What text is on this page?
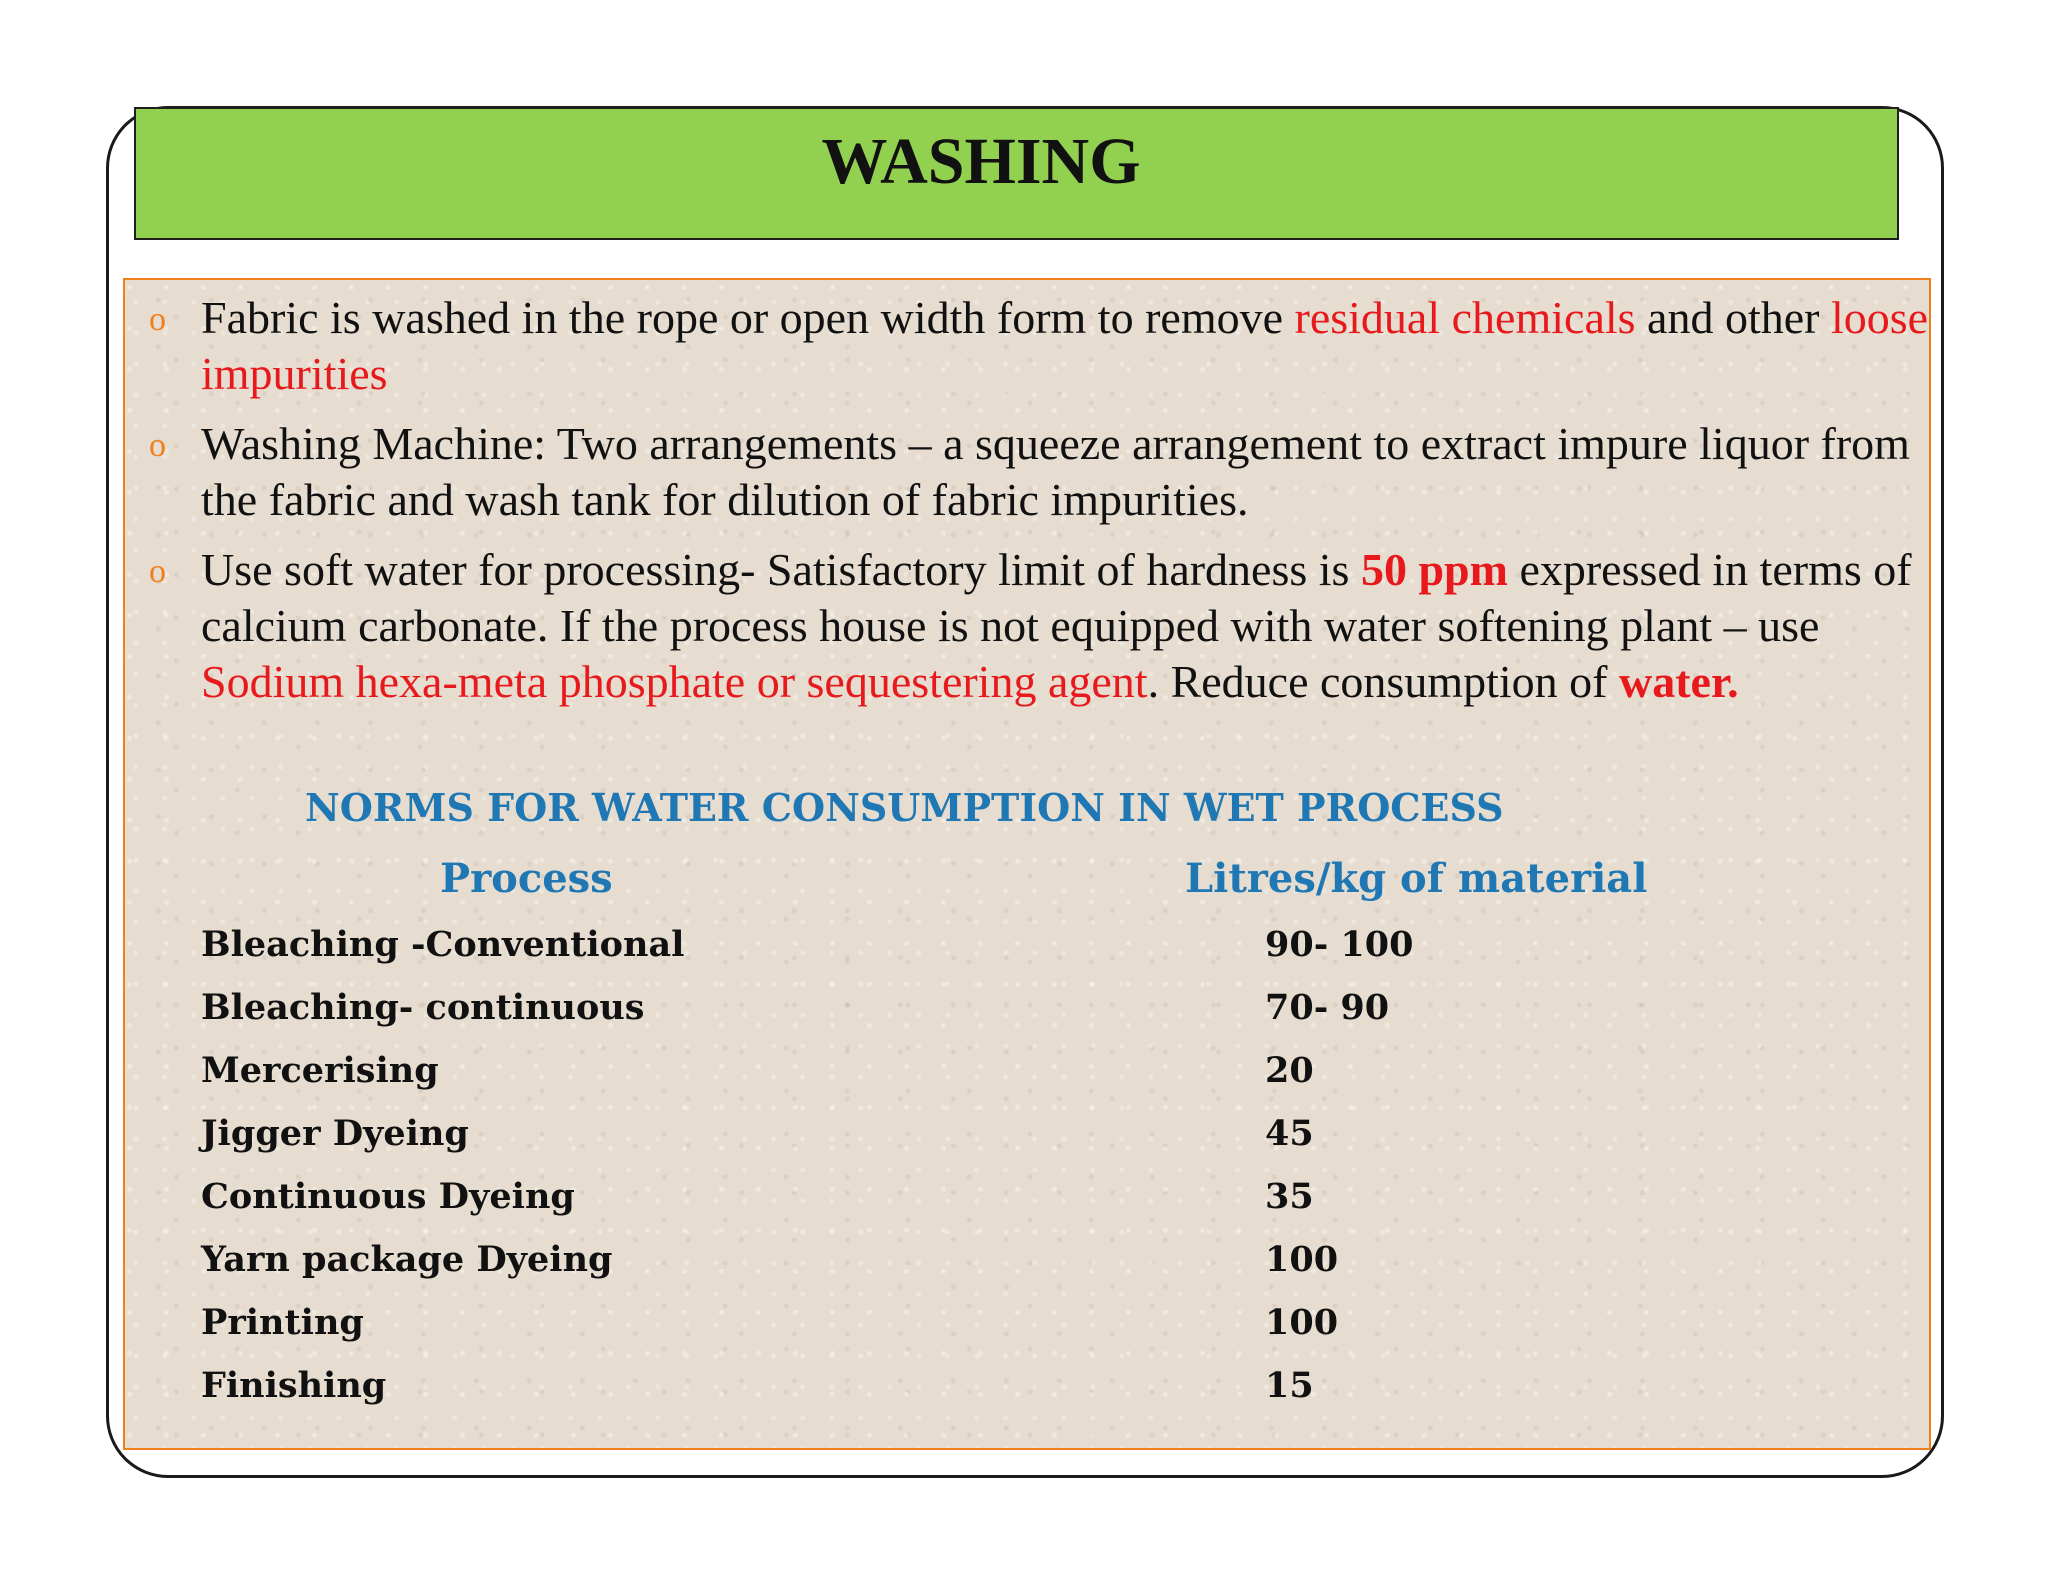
WASHING
o Fabric is washed in the rope or open width form to remove residual chemicals and other loose impurities
o Washing Machine: Two arrangements – a squeeze arrangement to extract impure liquor from the fabric and wash tank for dilution of fabric impurities.
o Use soft water for processing- Satisfactory limit of hardness is 50 ppm expressed in terms of calcium carbonate. If the process house is not equipped with water softening plant – use Sodium hexa-meta phosphate or sequestering agent. Reduce consumption of water.
NORMS FOR WATER CONSUMPTION IN WET PROCESS
Process	Litres/kg of material
Bleaching -Conventional	90- 100
Bleaching- continuous	70- 90
Mercerising	20
Jigger Dyeing	45
Continuous Dyeing	35
Yarn package Dyeing	100
Printing	100
Finishing	15
